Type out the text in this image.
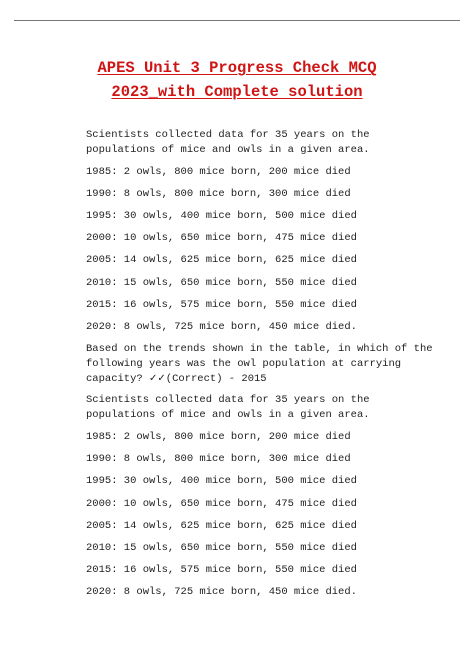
APES Unit 3 Progress Check MCQ
2023_with Complete solution

Scientists collected data for 35 years on the populations of mice and owls in a given area.

1985: 2 owls, 800 mice born, 200 mice died
1990: 8 owls, 800 mice born, 300 mice died
1995: 30 owls, 400 mice born, 500 mice died
2000: 10 owls, 650 mice born, 475 mice died
2005: 14 owls, 625 mice born, 625 mice died
2010: 15 owls, 650 mice born, 550 mice died
2015: 16 owls, 575 mice born, 550 mice died
2020: 8 owls, 725 mice born, 450 mice died.

Based on the trends shown in the table, in which of the following years was the owl population at carrying capacity? ✓✓(Correct) - 2015

Scientists collected data for 35 years on the populations of mice and owls in a given area.

1985: 2 owls, 800 mice born, 200 mice died
1990: 8 owls, 800 mice born, 300 mice died
1995: 30 owls, 400 mice born, 500 mice died
2000: 10 owls, 650 mice born, 475 mice died
2005: 14 owls, 625 mice born, 625 mice died
2010: 15 owls, 650 mice born, 550 mice died
2015: 16 owls, 575 mice born, 550 mice died
2020: 8 owls, 725 mice born, 450 mice died.
